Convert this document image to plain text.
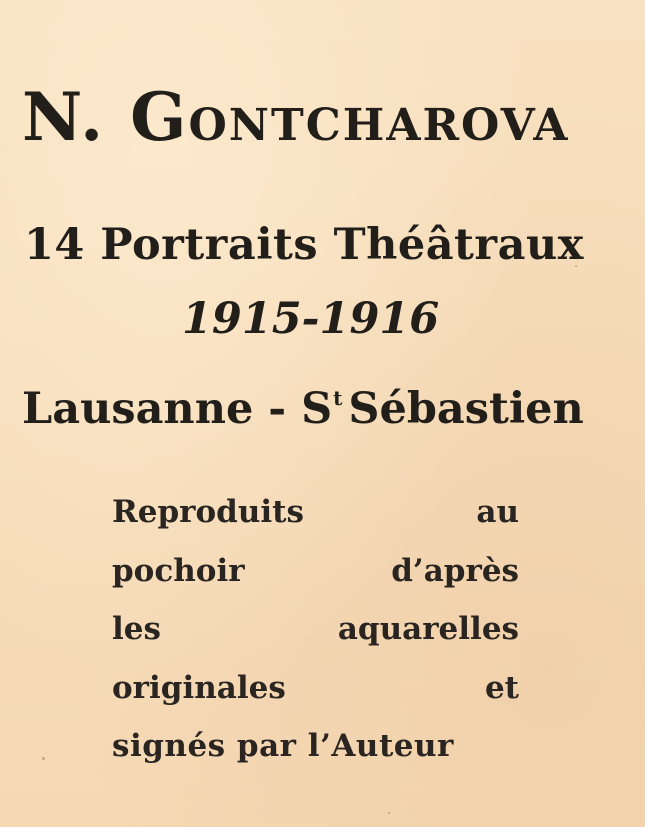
N. GONTCHAROVA
14 Portraits Théâtraux
1915-1916
Lausanne - $S^t$ Sébastien
Reproduits au
pochoir d’après
les aquarelles
originales et
signés par l’Auteur
